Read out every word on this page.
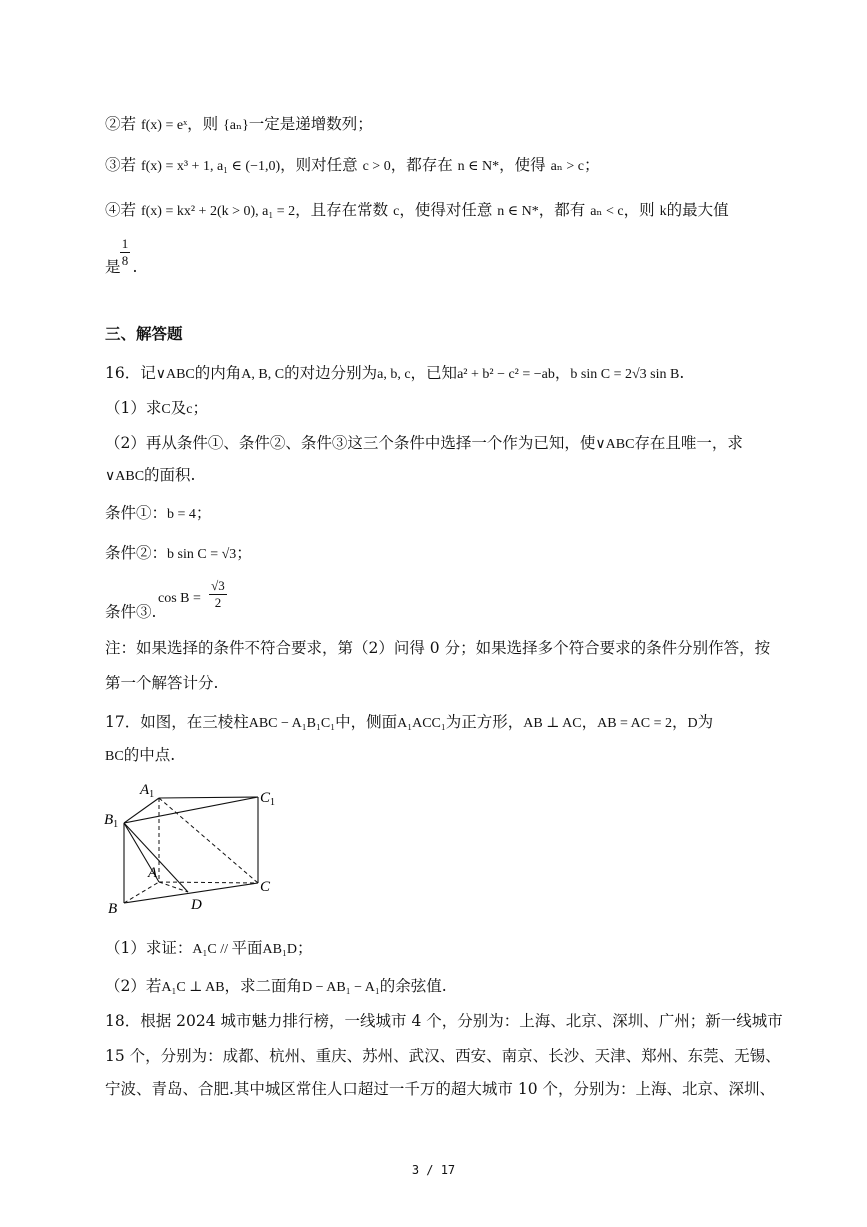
②若 f(x) = eˣ，则 {aₙ}一定是递增数列；
③若 f(x) = x³ + 1, a₁ ∈ (−1,0)，则对任意 c > 0，都存在 n ∈ N*，使得 aₙ > c；
④若 f(x) = kx² + 2(k > 0), a₁ = 2，且存在常数 c，使得对任意 n ∈ N*，都有 aₙ < c，则 k的最大值
是 .
$\frac{1}{8}$
三、解答题
16．记∨ABC的内角A, B, C的对边分别为a, b, c，已知a² + b² − c² = −ab，b sin C = 2√3 sin B.
（1）求C及c；
（2）再从条件①、条件②、条件③这三个条件中选择一个作为已知，使∨ABC存在且唯一，求
∨ABC的面积.
条件①：b = 4；
条件②：b sin C = √3；
条件③.
$\cos B = \frac{√3}{2}$
注：如果选择的条件不符合要求，第（2）问得 0 分；如果选择多个符合要求的条件分别作答，按
第一个解答计分.
17．如图，在三棱柱ABC − A₁B₁C₁中，侧面A₁ACC₁为正方形，AB ⊥ AC，AB = AC = 2，D为
BC的中点.
$A_1$
$B_1$
$C_1$
A
B
C
D
（1）求证：A₁C // 平面AB₁D；
（2）若A₁C ⊥ AB，求二面角D − AB₁ − A₁的余弦值.
18．根据 2024 城市魅力排行榜，一线城市 4 个，分别为：上海、北京、深圳、广州；新一线城市
15 个，分别为：成都、杭州、重庆、苏州、武汉、西安、南京、长沙、天津、郑州、东莞、无锡、
宁波、青岛、合肥.其中城区常住人口超过一千万的超大城市 10 个，分别为：上海、北京、深圳、
3 / 17
